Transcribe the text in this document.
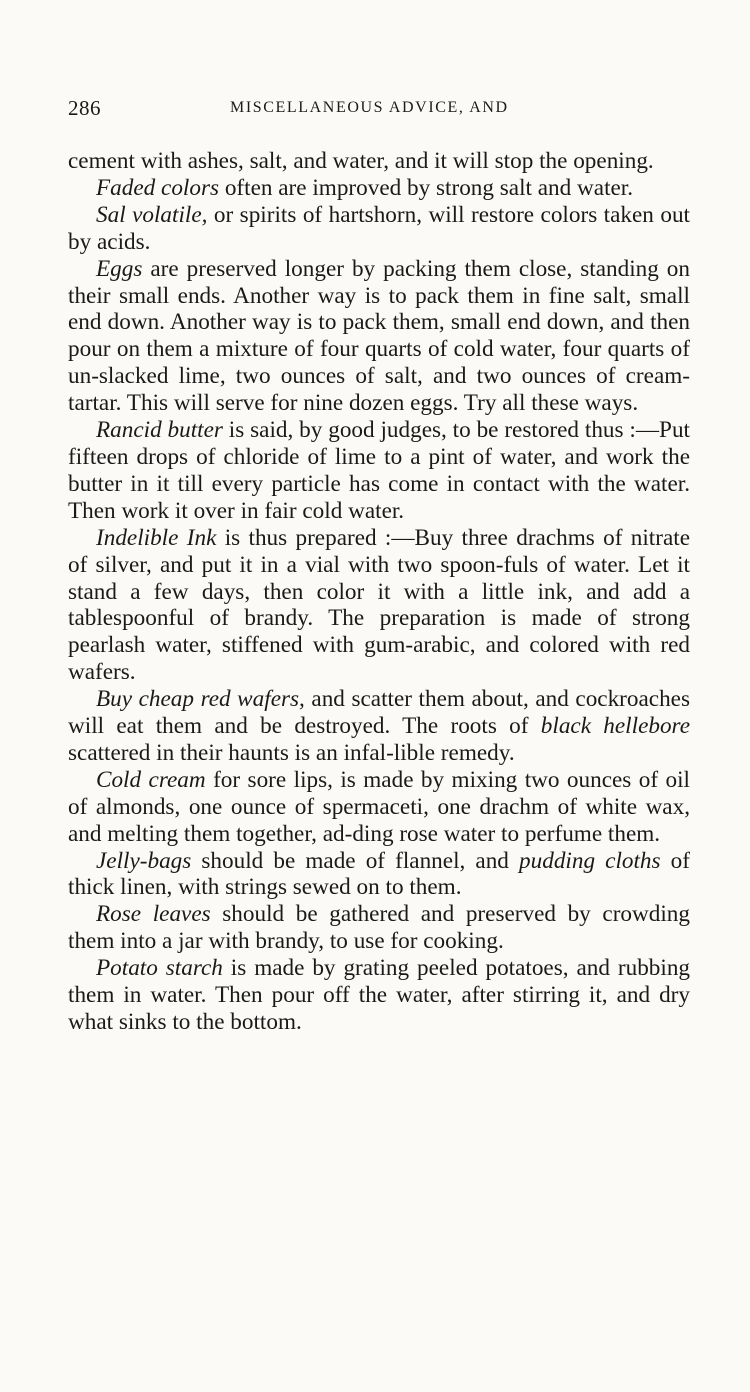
286	MISCELLANEOUS ADVICE, AND

cement with ashes, salt, and water, and it will stop the opening.

Faded colors often are improved by strong salt and water.

Sal volatile, or spirits of hartshorn, will restore colors taken out by acids.

Eggs are preserved longer by packing them close, standing on their small ends. Another way is to pack them in fine salt, small end down. Another way is to pack them, small end down, and then pour on them a mixture of four quarts of cold water, four quarts of un-slacked lime, two ounces of salt, and two ounces of cream-tartar. This will serve for nine dozen eggs. Try all these ways.

Rancid butter is said, by good judges, to be restored thus :—Put fifteen drops of chloride of lime to a pint of water, and work the butter in it till every particle has come in contact with the water. Then work it over in fair cold water.

Indelible Ink is thus prepared :—Buy three drachms of nitrate of silver, and put it in a vial with two spoon-fuls of water. Let it stand a few days, then color it with a little ink, and add a tablespoonful of brandy. The preparation is made of strong pearlash water, stiffened with gum-arabic, and colored with red wafers.

Buy cheap red wafers, and scatter them about, and cockroaches will eat them and be destroyed. The roots of black hellebore scattered in their haunts is an infal-lible remedy.

Cold cream for sore lips, is made by mixing two ounces of oil of almonds, one ounce of spermaceti, one drachm of white wax, and melting them together, ad-ding rose water to perfume them.

Jelly-bags should be made of flannel, and pudding cloths of thick linen, with strings sewed on to them.

Rose leaves should be gathered and preserved by crowding them into a jar with brandy, to use for cooking.

Potato starch is made by grating peeled potatoes, and rubbing them in water. Then pour off the water, after stirring it, and dry what sinks to the bottom.
